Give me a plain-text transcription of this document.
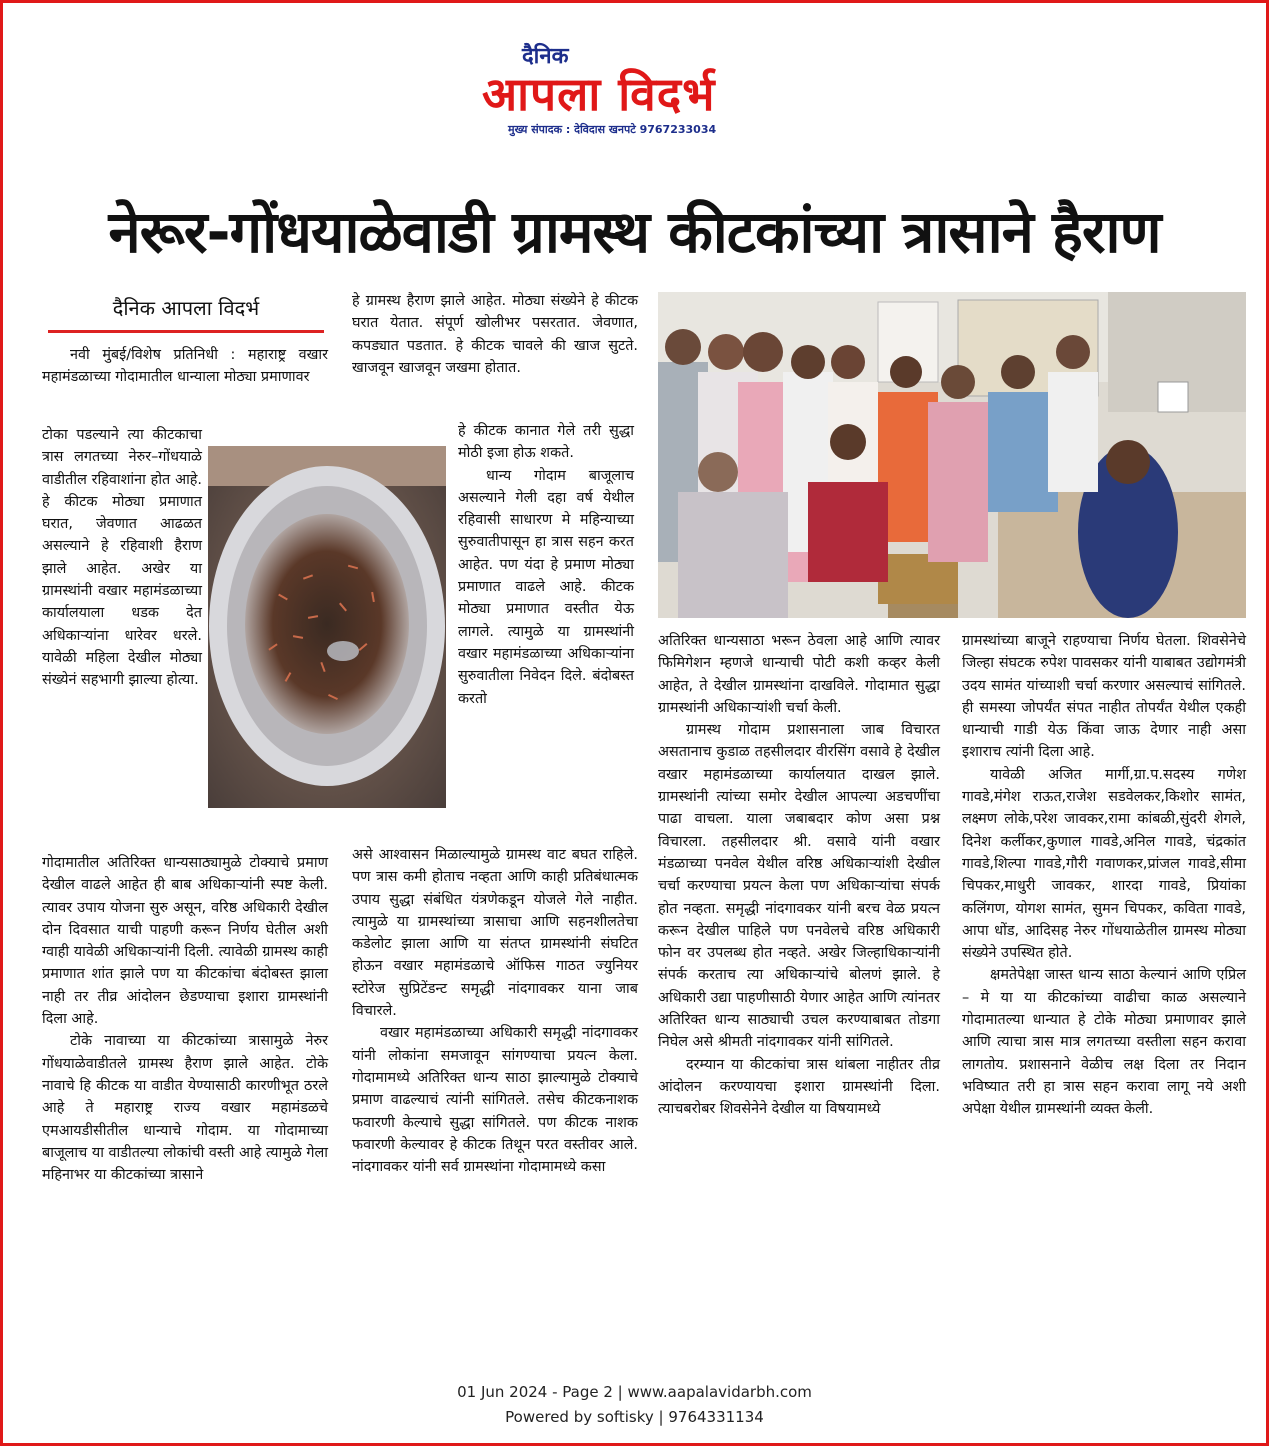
दैनिक
आपला विदर्भ
मुख्य संपादक : देविदास खनपटे 9767233034
नेरूर-गोंधयाळेवाडी ग्रामस्थ कीटकांच्या त्रासाने हैराण
दैनिक आपला विदर्भ

नवी मुंबई/विशेष प्रतिनिधी : महाराष्ट्र वखार महामंडळाच्या गोदामातील धान्याला मोठ्या प्रमाणावर

टोका पडल्याने त्या कीटकाचा त्रास लगतच्या नेरुर–गोंधयाळे वाडीतील रहिवाशांना होत आहे. हे कीटक मोठ्या प्रमाणात घरात, जेवणात आढळत असल्याने हे रहिवाशी हैराण झाले आहेत. अखेर या ग्रामस्थांनी वखार महामंडळाच्या कार्यालयाला धडक देत अधिकाऱ्यांना धारेवर धरले. यावेळी महिला देखील मोठ्या संख्येनं सहभागी झाल्या होत्या.

गोदामातील अतिरिक्त धान्यसाठ्यामुळे टोक्याचे प्रमाण देखील वाढले आहेत ही बाब अधिकाऱ्यांनी स्पष्ट केली. त्यावर उपाय योजना सुरु असून, वरिष्ठ अधिकारी देखील दोन दिवसात याची पाहणी करून निर्णय घेतील अशी ग्वाही यावेळी अधिकाऱ्यांनी दिली. त्यावेळी ग्रामस्थ काही प्रमाणात शांत झाले पण या कीटकांचा बंदोबस्त झाला नाही तर तीव्र आंदोलन छेडण्याचा इशारा ग्रामस्थांनी दिला आहे.

टोके नावाच्या या कीटकांच्या त्रासामुळे नेरुर गोंधयाळेवाडीतले ग्रामस्थ हैराण झाले आहेत. टोके नावाचे हि कीटक या वाडीत येण्यासाठी कारणीभूत ठरले आहे ते महाराष्ट्र राज्य वखार महामंडळचे एमआयडीसीतील धान्याचे गोदाम. या गोदामाच्या बाजूलाच या वाडीतल्या लोकांची वस्ती आहे त्यामुळे गेला महिनाभर या कीटकांच्या त्रासाने

हे ग्रामस्थ हैराण झाले आहेत. मोठ्या संख्येने हे कीटक घरात येतात. संपूर्ण खोलीभर पसरतात. जेवणात, कपड्यात पडतात. हे कीटक चावले की खाज सुटते. खाजवून खाजवून जखमा होतात.

हे कीटक कानात गेले तरी सुद्धा मोठी इजा होऊ शकते.

धान्य गोदाम बाजूलाच असल्याने गेली दहा वर्ष येथील रहिवासी साधारण मे महिन्याच्या सुरुवातीपासून हा त्रास सहन करत आहेत. पण यंदा हे प्रमाण मोठ्या प्रमाणात वाढले आहे. कीटक मोठ्या प्रमाणात वस्तीत येऊ लागले. त्यामुळे या ग्रामस्थांनी वखार महामंडळाच्या अधिकाऱ्यांना सुरुवातीला निवेदन दिले. बंदोबस्त करतो

असे आश्वासन मिळाल्यामुळे ग्रामस्थ वाट बघत राहिले. पण त्रास कमी होताच नव्हता आणि काही प्रतिबंधात्मक उपाय सुद्धा संबंधित यंत्रणेकडून योजले गेले नाहीत. त्यामुळे या ग्रामस्थांच्या त्रासाचा आणि सहनशीलतेचा कडेलोट झाला आणि या संतप्त ग्रामस्थांनी संघटित होऊन वखार महामंडळाचे ऑफिस गाठत ज्युनियर स्टोरेज सुप्रिटेंडन्ट समृद्धी नांदगावकर याना जाब विचारले.

वखार महामंडळाच्या अधिकारी समृद्धी नांदगावकर यांनी लोकांना समजावून सांगण्याचा प्रयत्न केला. गोदामामध्ये अतिरिक्त धान्य साठा झाल्यामुळे टोक्याचे प्रमाण वाढल्याचं त्यांनी सांगितले. तसेच कीटकनाशक फवारणी केल्याचे सुद्धा सांगितले. पण कीटक नाशक फवारणी केल्यावर हे कीटक तिथून परत वस्तीवर आले. नांदगावकर यांनी सर्व ग्रामस्थांना गोदामामध्ये कसा

अतिरिक्त धान्यसाठा भरून ठेवला आहे आणि त्यावर फिमिगेशन म्हणजे धान्याची पोटी कशी कव्हर केली आहेत, ते देखील ग्रामस्थांना दाखविले. गोदामात सुद्धा ग्रामस्थांनी अधिकाऱ्यांशी चर्चा केली.

ग्रामस्थ गोदाम प्रशासनाला जाब विचारत असतानाच कुडाळ तहसीलदार वीरसिंग वसावे हे देखील वखार महामंडळाच्या कार्यालयात दाखल झाले. ग्रामस्थांनी त्यांच्या समोर देखील आपल्या अडचणींचा पाढा वाचला. याला जबाबदार कोण असा प्रश्न विचारला. तहसीलदार श्री. वसावे यांनी वखार मंडळाच्या पनवेल येथील वरिष्ठ अधिकाऱ्यांशी देखील चर्चा करण्याचा प्रयत्न केला पण अधिकाऱ्यांचा संपर्क होत नव्हता. समृद्धी नांदगावकर यांनी बरच वेळ प्रयत्न करून देखील पाहिले पण पनवेलचे वरिष्ठ अधिकारी फोन वर उपलब्ध होत नव्हते. अखेर जिल्हाधिकाऱ्यांनी संपर्क करताच त्या अधिकाऱ्यांचे बोलणं झाले. हे अधिकारी उद्या पाहणीसाठी येणार आहेत आणि त्यांनतर अतिरिक्त धान्य साठ्याची उचल करण्याबाबत तोडगा निघेल असे श्रीमती नांदगावकर यांनी सांगितले.

दरम्यान या कीटकांचा त्रास थांबला नाहीतर तीव्र आंदोलन करण्यायचा इशारा ग्रामस्थांनी दिला. त्याचबरोबर शिवसेनेने देखील या विषयामध्ये

ग्रामस्थांच्या बाजूने राहण्याचा निर्णय घेतला. शिवसेनेचे जिल्हा संघटक रुपेश पावसकर यांनी याबाबत उद्योगमंत्री उदय सामंत यांच्याशी चर्चा करणार असल्याचं सांगितले. ही समस्या जोपर्यंत संपत नाहीत तोपर्यंत येथील एकही धान्याची गाडी येऊ किंवा जाऊ देणार नाही असा इशाराच त्यांनी दिला आहे.

यावेळी अजित मार्गी,ग्रा.प.सदस्य गणेश गावडे,मंगेश राऊत,राजेश सडवेलकर,किशोर सामंत, लक्ष्मण लोके,परेश जावकर,रामा कांबळी,सुंदरी शेगले, दिनेश कर्लीकर,कुणाल गावडे,अनिल गावडे, चंद्रकांत गावडे,शिल्पा गावडे,गौरी गवाणकर,प्रांजल गावडे,सीमा चिपकर,माधुरी जावकर, शारदा गावडे, प्रियांका कलिंगण, योगश सामंत, सुमन चिपकर, कविता गावडे, आपा धोंड, आदिसह नेरुर गोंधयाळेतील ग्रामस्थ मोठ्या संख्येने उपस्थित होते.

क्षमतेपेक्षा जास्त धान्य साठा केल्यानं आणि एप्रिल – मे या या कीटकांच्या वाढीचा काळ असल्याने गोदामातल्या धान्यात हे टोके मोठ्या प्रमाणावर झाले आणि त्याचा त्रास मात्र लगतच्या वस्तीला सहन करावा लागतोय. प्रशासनाने वेळीच लक्ष दिला तर निदान भविष्यात तरी हा त्रास सहन करावा लागू नये अशी अपेक्षा येथील ग्रामस्थांनी व्यक्त केली.

01 Jun 2024 - Page 2 | www.aapalavidarbh.com
Powered by softisky | 9764331134
